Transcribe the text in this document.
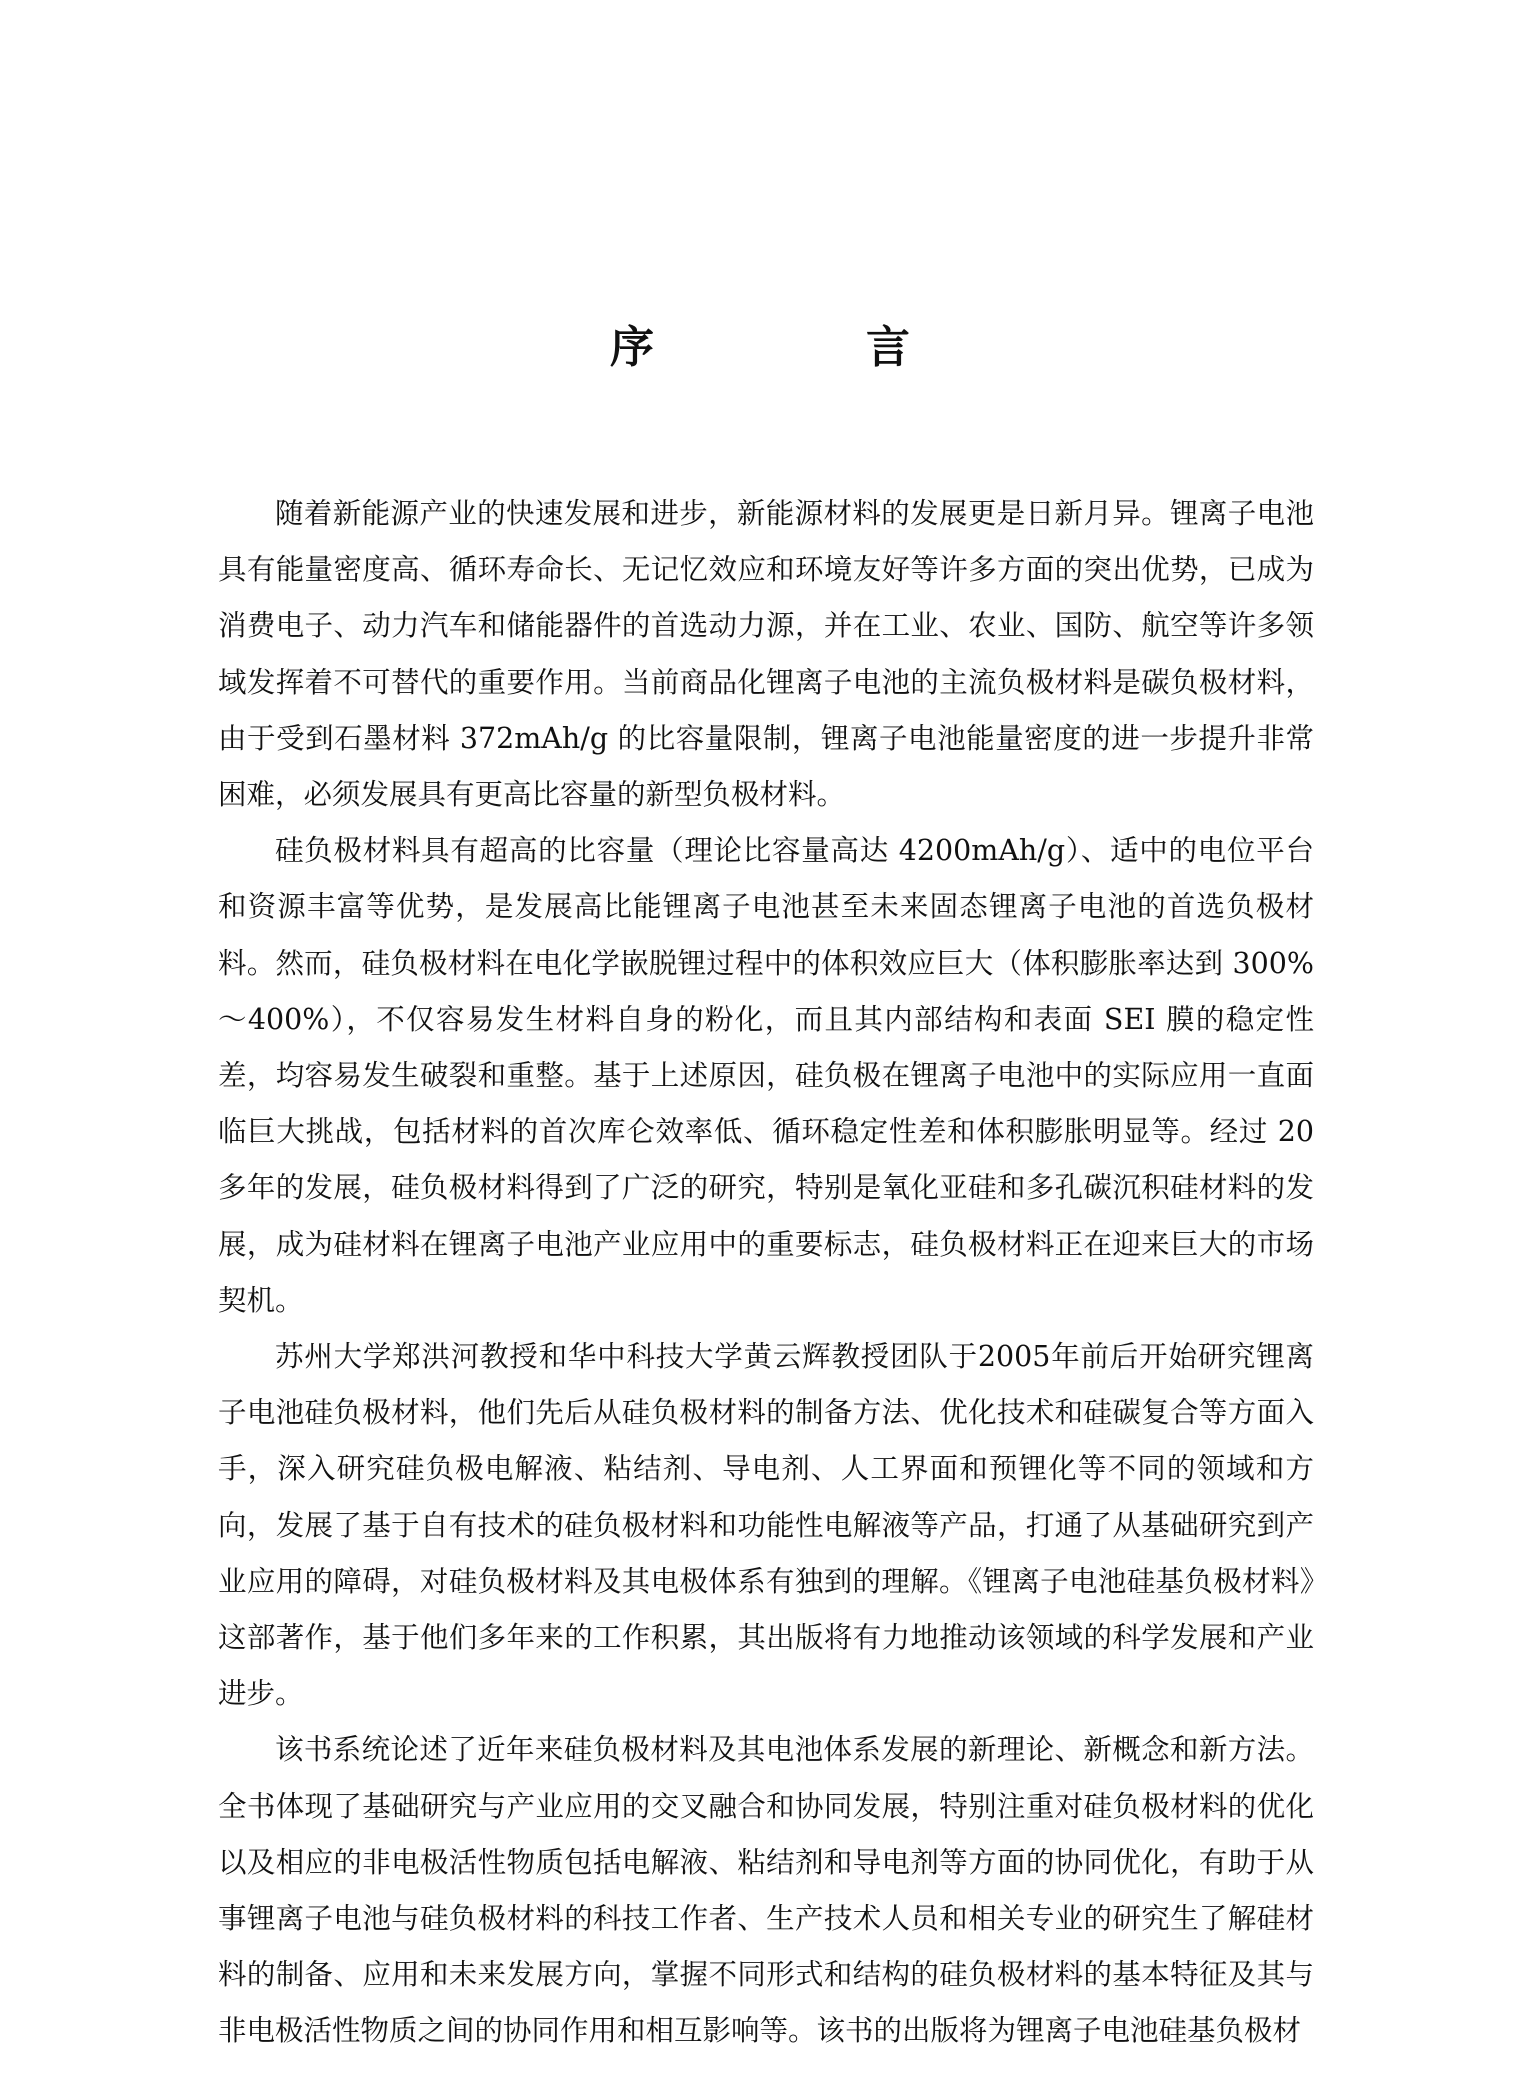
序　言

随着新能源产业的快速发展和进步，新能源材料的发展更是日新月异。锂离子电池具有能量密度高、循环寿命长、无记忆效应和环境友好等许多方面的突出优势，已成为消费电子、动力汽车和储能器件的首选动力源，并在工业、农业、国防、航空等许多领域发挥着不可替代的重要作用。当前商品化锂离子电池的主流负极材料是碳负极材料，由于受到石墨材料 372mAh/g 的比容量限制，锂离子电池能量密度的进一步提升非常困难，必须发展具有更高比容量的新型负极材料。

硅负极材料具有超高的比容量（理论比容量高达 4200mAh/g）、适中的电位平台和资源丰富等优势，是发展高比能锂离子电池甚至未来固态锂离子电池的首选负极材料。然而，硅负极材料在电化学嵌脱锂过程中的体积效应巨大（体积膨胀率达到 300%～400%），不仅容易发生材料自身的粉化，而且其内部结构和表面 SEI 膜的稳定性差，均容易发生破裂和重整。基于上述原因，硅负极在锂离子电池中的实际应用一直面临巨大挑战，包括材料的首次库仑效率低、循环稳定性差和体积膨胀明显等。经过 20 多年的发展，硅负极材料得到了广泛的研究，特别是氧化亚硅和多孔碳沉积硅材料的发展，成为硅材料在锂离子电池产业应用中的重要标志，硅负极材料正在迎来巨大的市场契机。

苏州大学郑洪河教授和华中科技大学黄云辉教授团队于2005年前后开始研究锂离子电池硅负极材料，他们先后从硅负极材料的制备方法、优化技术和硅碳复合等方面入手，深入研究硅负极电解液、粘结剂、导电剂、人工界面和预锂化等不同的领域和方向，发展了基于自有技术的硅负极材料和功能性电解液等产品，打通了从基础研究到产业应用的障碍，对硅负极材料及其电极体系有独到的理解。《锂离子电池硅基负极材料》这部著作，基于他们多年来的工作积累，其出版将有力地推动该领域的科学发展和产业进步。

该书系统论述了近年来硅负极材料及其电池体系发展的新理论、新概念和新方法。全书体现了基础研究与产业应用的交叉融合和协同发展，特别注重对硅负极材料的优化以及相应的非电极活性物质包括电解液、粘结剂和导电剂等方面的协同优化，有助于从事锂离子电池与硅负极材料的科技工作者、生产技术人员和相关专业的研究生了解硅材料的制备、应用和未来发展方向，掌握不同形式和结构的硅负极材料的基本特征及其与非电极活性物质之间的协同作用和相互影响等。该书的出版将为锂离子电池硅基负极材
